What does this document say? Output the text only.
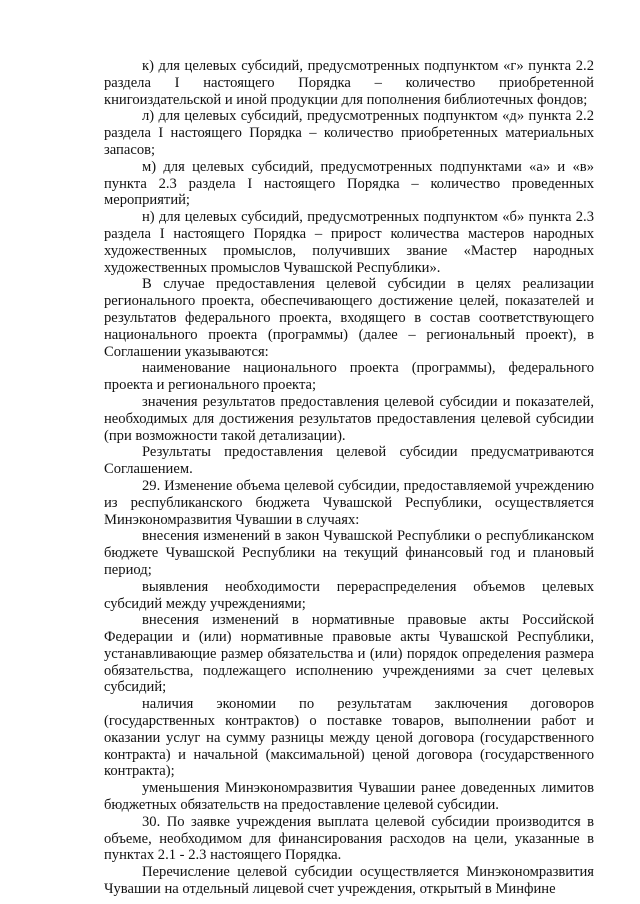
к) для целевых субсидий, предусмотренных подпунктом «г» пункта 2.2 раздела I настоящего Порядка – количество приобретенной книгоиздательской и иной продукции для пополнения библиотечных фондов;

л) для целевых субсидий, предусмотренных подпунктом «д» пункта 2.2 раздела I настоящего Порядка – количество приобретенных материальных запасов;

м) для целевых субсидий, предусмотренных подпунктами «а» и «в» пункта 2.3 раздела I настоящего Порядка – количество проведенных мероприятий;

н) для целевых субсидий, предусмотренных подпунктом «б» пункта 2.3 раздела I настоящего Порядка – прирост количества мастеров народных художественных промыслов, получивших звание «Мастер народных художественных промыслов Чувашской Республики».

В случае предоставления целевой субсидии в целях реализации регионального проекта, обеспечивающего достижение целей, показателей и результатов федерального проекта, входящего в состав соответствующего национального проекта (программы) (далее – региональный проект), в Соглашении указываются:

наименование национального проекта (программы), федерального проекта и регионального проекта;

значения результатов предоставления целевой субсидии и показателей, необходимых для достижения результатов предоставления целевой субсидии (при возможности такой детализации).

Результаты предоставления целевой субсидии предусматриваются Соглашением.

29. Изменение объема целевой субсидии, предоставляемой учреждению из республиканского бюджета Чувашской Республики, осуществляется Минэкономразвития Чувашии в случаях:

внесения изменений в закон Чувашской Республики о республиканском бюджете Чувашской Республики на текущий финансовый год и плановый период;

выявления необходимости перераспределения объемов целевых субсидий между учреждениями;

внесения изменений в нормативные правовые акты Российской Федерации и (или) нормативные правовые акты Чувашской Республики, устанавливающие размер обязательства и (или) порядок определения размера обязательства, подлежащего исполнению учреждениями за счет целевых субсидий;

наличия экономии по результатам заключения договоров (государственных контрактов) о поставке товаров, выполнении работ и оказании услуг на сумму разницы между ценой договора (государственного контракта) и начальной (максимальной) ценой договора (государственного контракта);

уменьшения Минэкономразвития Чувашии ранее доведенных лимитов бюджетных обязательств на предоставление целевой субсидии.

30. По заявке учреждения выплата целевой субсидии производится в объеме, необходимом для финансирования расходов на цели, указанные в пунктах 2.1 - 2.3 настоящего Порядка.

Перечисление целевой субсидии осуществляется Минэкономразвития Чувашии на отдельный лицевой счет учреждения, открытый в Минфине
